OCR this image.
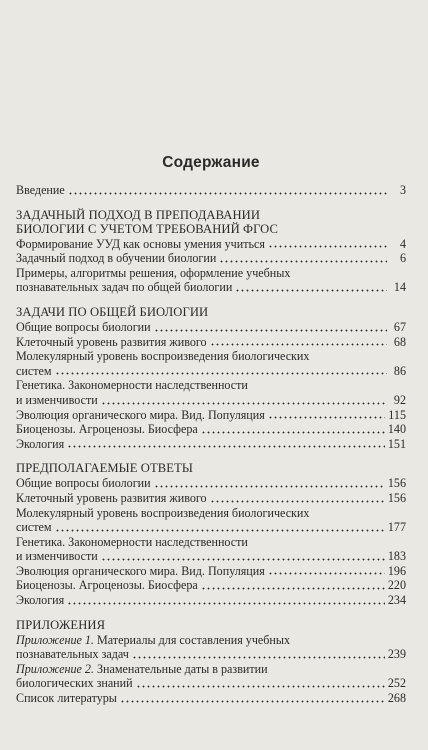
Содержание
Введение	3
ЗАДАЧНЫЙ ПОДХОД В ПРЕПОДАВАНИИ
БИОЛОГИИ С УЧЕТОМ ТРЕБОВАНИЙ ФГОС
Формирование УУД как основы умения учиться	4
Задачный подход в обучении биологии	6
Примеры, алгоритмы решения, оформление учебных
познавательных задач по общей биологии	14
ЗАДАЧИ ПО ОБЩЕЙ БИОЛОГИИ
Общие вопросы биологии	67
Клеточный уровень развития живого	68
Молекулярный уровень воспроизведения биологических
систем	86
Генетика. Закономерности наследственности
и изменчивости	92
Эволюция органического мира. Вид. Популяция	115
Биоценозы. Агроценозы. Биосфера	140
Экология	151
ПРЕДПОЛАГАЕМЫЕ ОТВЕТЫ
Общие вопросы биологии	156
Клеточный уровень развития живого	156
Молекулярный уровень воспроизведения биологических
систем	177
Генетика. Закономерности наследственности
и изменчивости	183
Эволюция органического мира. Вид. Популяция	196
Биоценозы. Агроценозы. Биосфера	220
Экология	234
ПРИЛОЖЕНИЯ
Приложение 1. Материалы для составления учебных
познавательных задач	239
Приложение 2. Знаменательные даты в развитии
биологических знаний	252
Список литературы	268
